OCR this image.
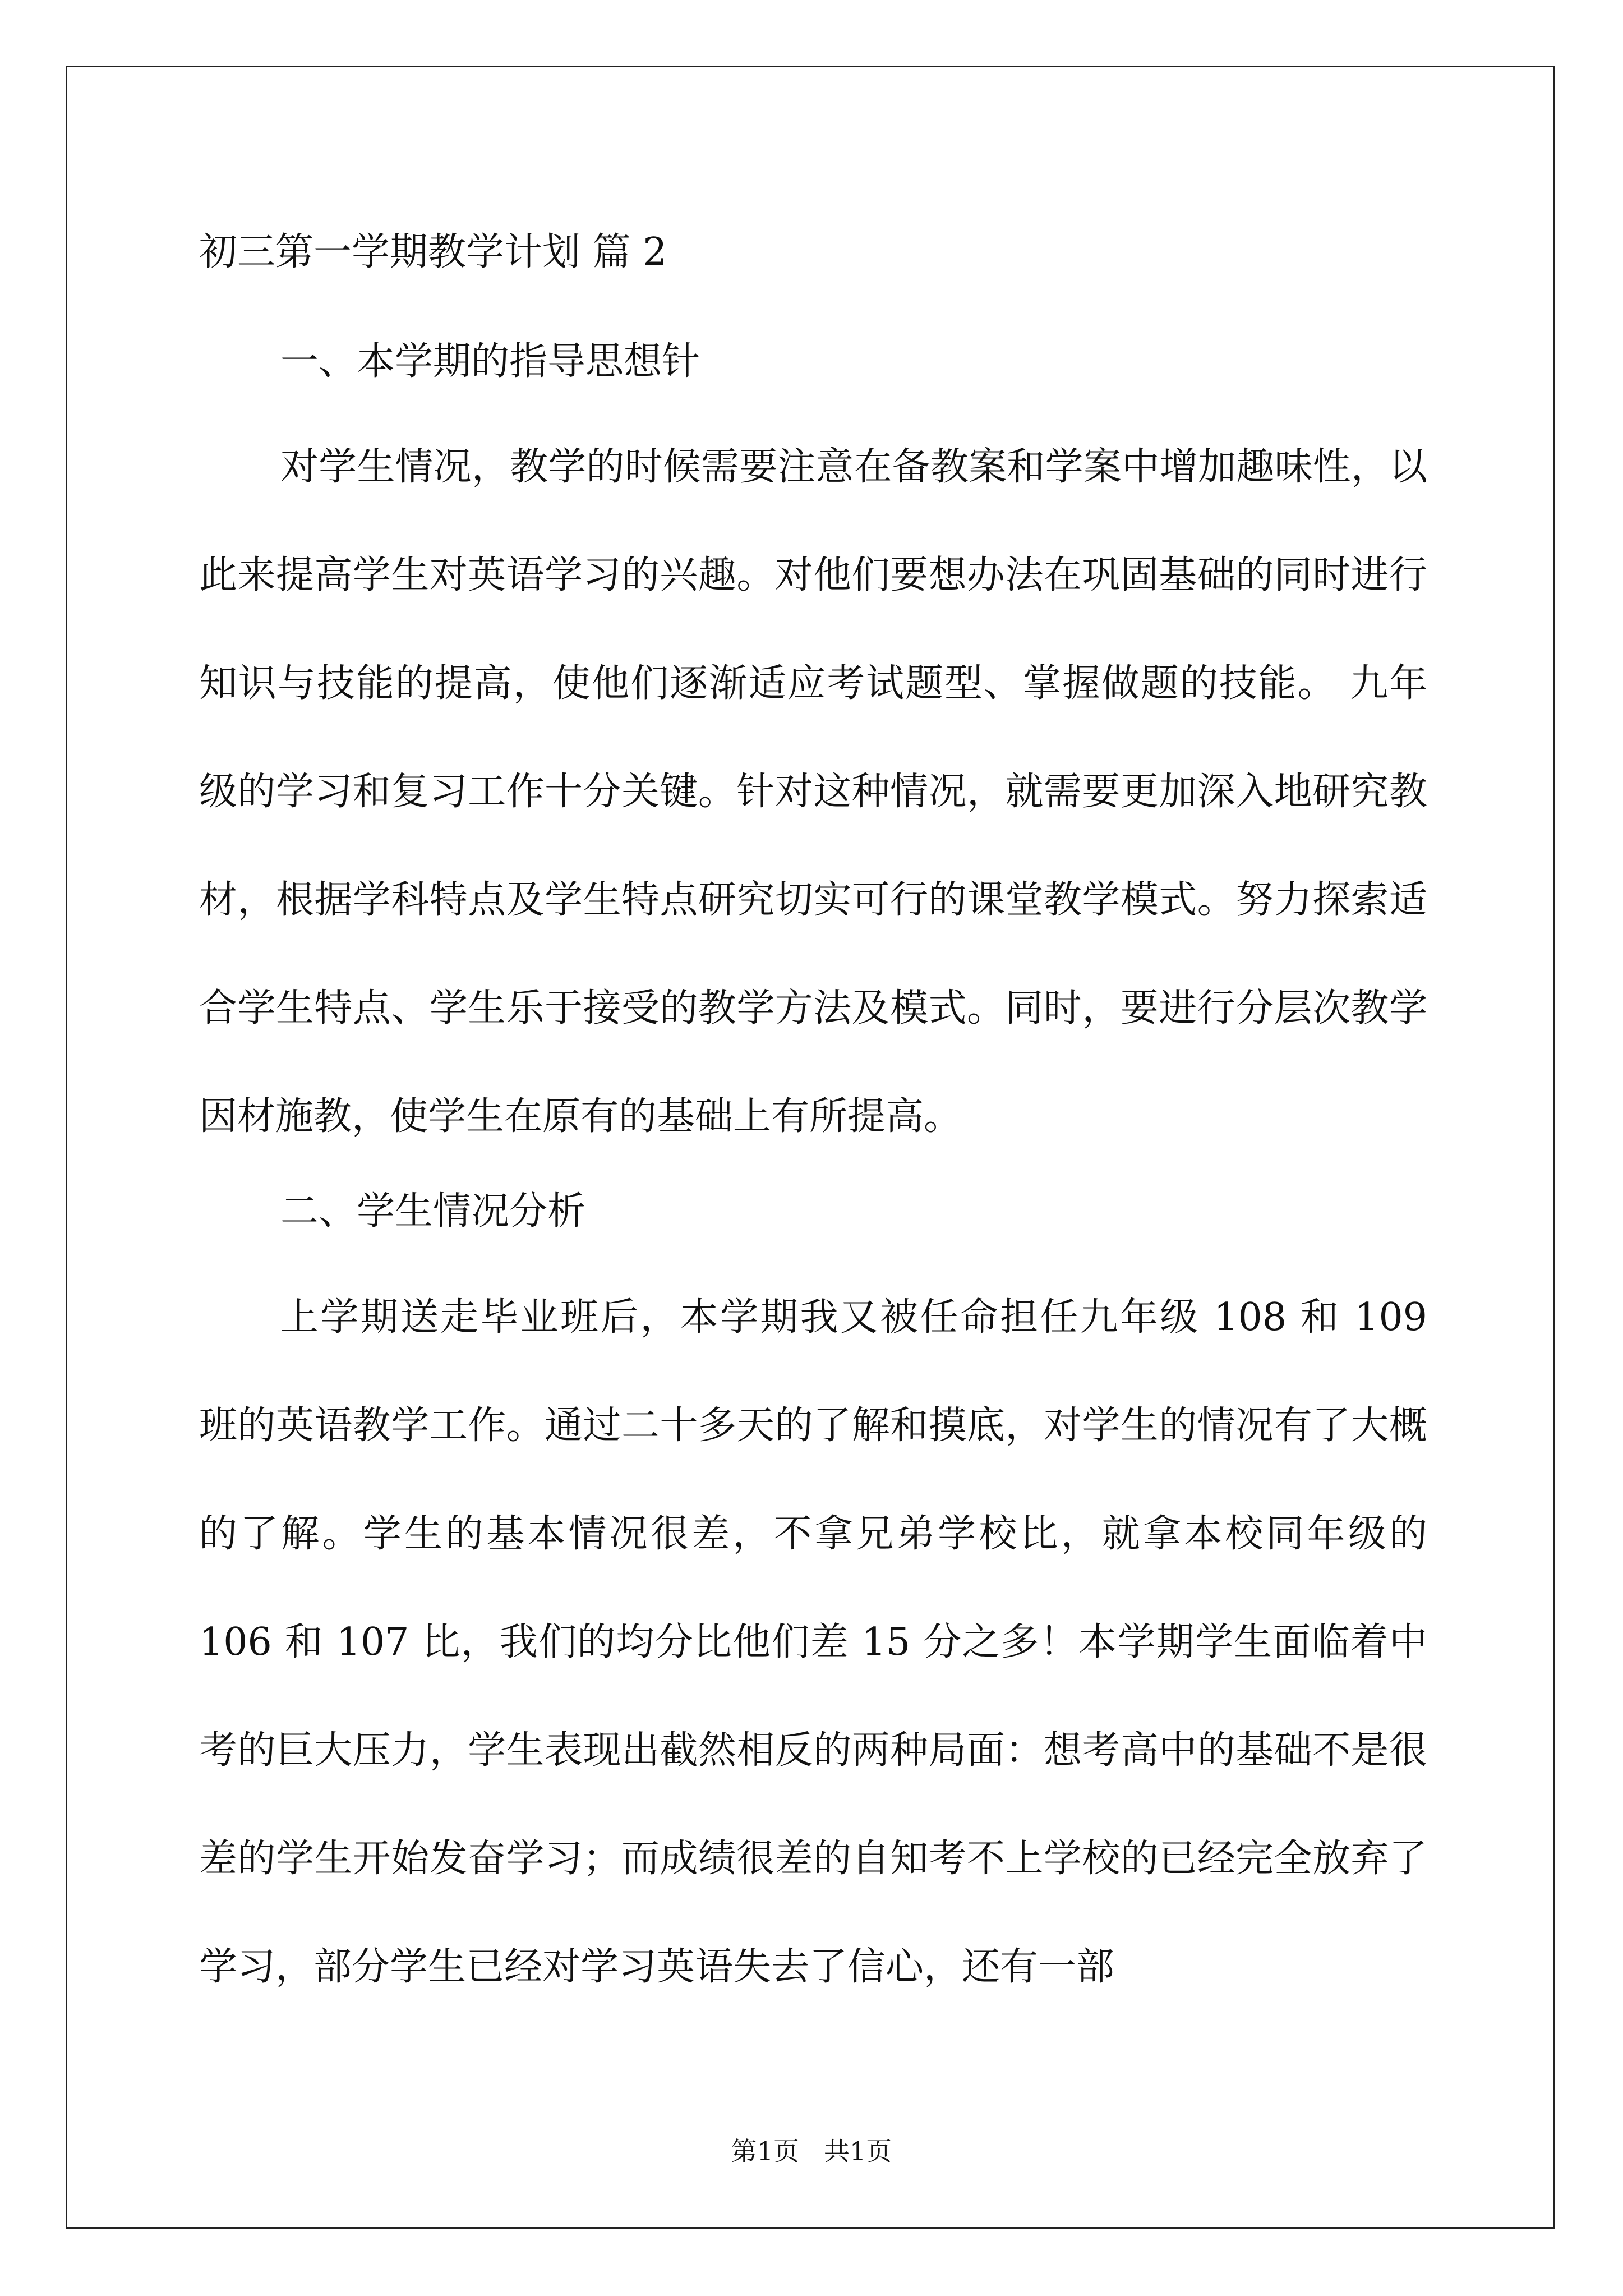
初三第一学期教学计划 篇 2
一、本学期的指导思想针

对学生情况，教学的时候需要注意在备教案和学案中增加趣味性，以此来提高学生对英语学习的兴趣。对他们要想办法在巩固基础的同时进行知识与技能的提高，使他们逐渐适应考试题型、掌握做题的技能。 九年级的学习和复习工作十分关键。针对这种情况，就需要更加深入地研究教材，根据学科特点及学生特点研究切实可行的课堂教学模式。努力探索适合学生特点、学生乐于接受的教学方法及模式。同时，要进行分层次教学因材施教，使学生在原有的基础上有所提高。

二、学生情况分析

上学期送走毕业班后，本学期我又被任命担任九年级 108 和 109 班的英语教学工作。通过二十多天的了解和摸底，对学生的情况有了大概的了解。学生的基本情况很差，不拿兄弟学校比，就拿本校同年级的 106 和 107 比，我们的均分比他们差 15 分之多！本学期学生面临着中考的巨大压力，学生表现出截然相反的两种局面：想考高中的基础不是很差的学生开始发奋学习；而成绩很差的自知考不上学校的已经完全放弃了学习，部分学生已经对学习英语失去了信心，还有一部

第1页 共1页
